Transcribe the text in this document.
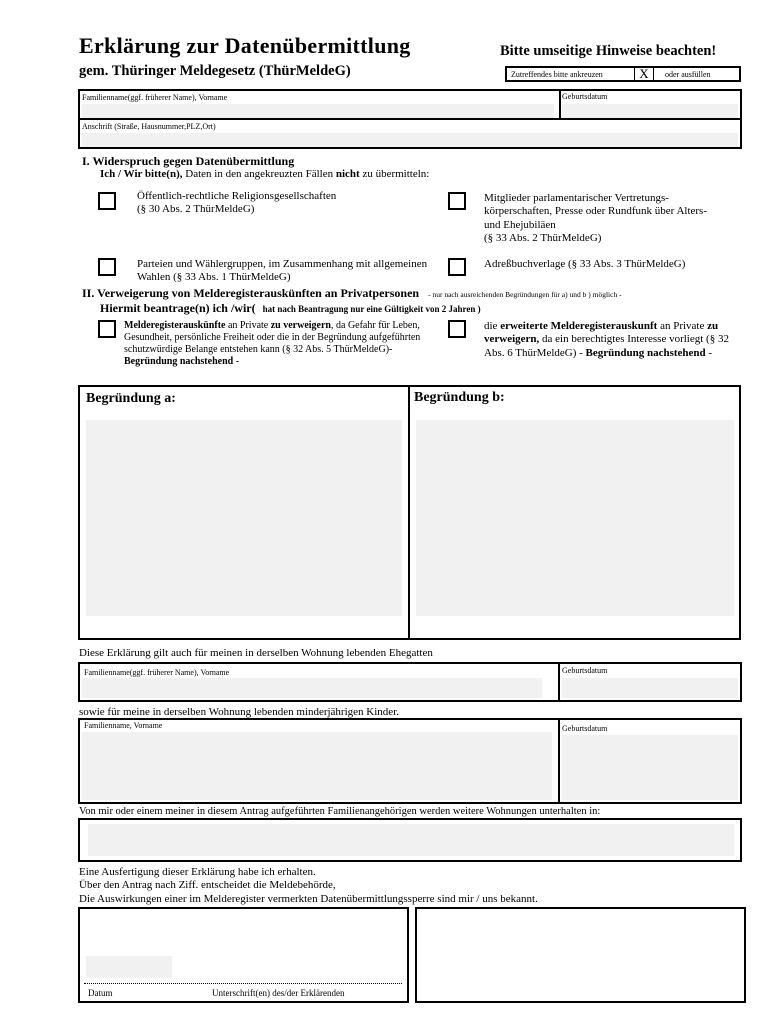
Erklärung zur Datenübermittlung
gem. Thüringer Meldegesetz (ThürMeldeG)
Bitte umseitige Hinweise beachten!
Zutreffendes bitte ankreuzen	X	oder ausfüllen
Familienname(ggf. früherer Name), Vorname	Geburtsdatum
Anschrift (Straße, Hausnummer,PLZ,Ort)
I. Widerspruch gegen Datenübermittlung
Ich / Wir bitte(n), Daten in den angekreuzten Fällen nicht zu übermitteln:
Öffentlich-rechtliche Religionsgesellschaften
(§ 30 Abs. 2 ThürMeldeG)
Mitglieder parlamentarischer Vertretungs-körperschaften, Presse oder Rundfunk über Alters- und Ehejubiläen
(§ 33 Abs. 2 ThürMeldeG)
Parteien und Wählergruppen, im Zusammenhang mit allgemeinen Wahlen (§ 33 Abs. 1 ThürMeldeG)
Adreßbuchverlage (§ 33 Abs. 3 ThürMeldeG)
II. Verweigerung von Melderegisterauskünften an Privatpersonen - nur nach ausreichenden Begründungen für a) und b ) möglich -
Hiermit beantrage(n) ich /wir( hat nach Beantragung nur eine Gültigkeit von 2 Jahren )
Melderegisterauskünfte an Private zu verweigern, da Gefahr für Leben, Gesundheit, persönliche Freiheit oder die in der Begründung aufgeführten schutzwürdige Belange entstehen kann (§ 32 Abs. 5 ThürMeldeG)- Begründung nachstehend -
die erweiterte Melderegisterauskunft an Private zu verweigern, da ein berechtigtes Interesse vorliegt (§ 32 Abs. 6 ThürMeldeG) - Begründung nachstehend -
Begründung a:	Begründung b:
Diese Erklärung gilt auch für meinen in derselben Wohnung lebenden Ehegatten
Familienname(ggf. früherer Name), Vorname	Geburtsdatum
sowie für meine in derselben Wohnung lebenden minderjährigen Kinder.
Familienname, Vorname	Geburtsdatum
Von mir oder einem meiner in diesem Antrag aufgeführten Familienangehörigen werden weitere Wohnungen unterhalten in:
Eine Ausfertigung dieser Erklärung habe ich erhalten.
Über den Antrag nach Ziff. entscheidet die Meldebehörde,
Die Auswirkungen einer im Melderegister vermerkten Datenübermittlungssperre sind mir / uns bekannt.
Datum	Unterschrift(en) des/der Erklärenden
